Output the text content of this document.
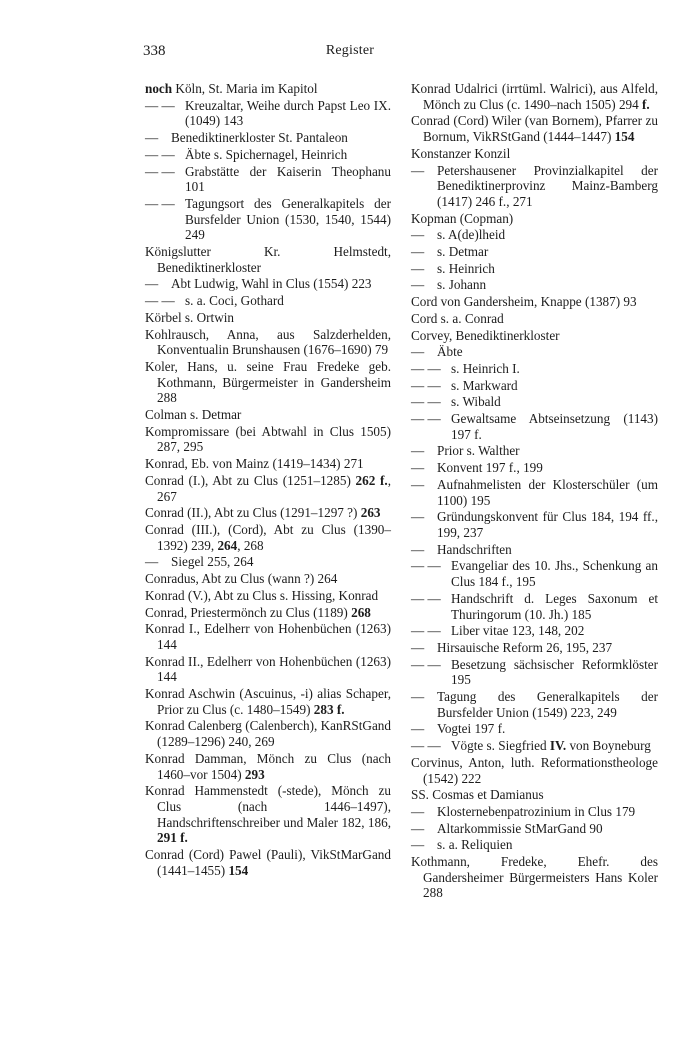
338	Register
noch Köln, St. Maria im Kapitol
— — Kreuzaltar, Weihe durch Papst Leo IX. (1049) 143
— Benediktinerkloster St. Pantaleon
— — Äbte s. Spichernagel, Heinrich
— — Grabstätte der Kaiserin Theophanu 101
— — Tagungsort des Generalkapitels der Bursfelder Union (1530, 1540, 1544) 249
Königslutter Kr. Helmstedt, Benediktinerkloster
— Abt Ludwig, Wahl in Clus (1554) 223
— — s. a. Coci, Gothard
Körbel s. Ortwin
Kohlrausch, Anna, aus Salzderhelden, Konventualin Brunshausen (1676–1690) 79
Koler, Hans, u. seine Frau Fredeke geb. Kothmann, Bürgermeister in Gandersheim 288
Colman s. Detmar
Kompromissare (bei Abtwahl in Clus 1505) 287, 295
Konrad, Eb. von Mainz (1419–1434) 271
Conrad (I.), Abt zu Clus (1251–1285) 262 f., 267
Conrad (II.), Abt zu Clus (1291–1297 ?) 263
Conrad (III.), (Cord), Abt zu Clus (1390–1392) 239, 264, 268
— Siegel 255, 264
Conradus, Abt zu Clus (wann ?) 264
Konrad (V.), Abt zu Clus s. Hissing, Konrad
Conrad, Priestermönch zu Clus (1189) 268
Konrad I., Edelherr von Hohenbüchen (1263) 144
Konrad II., Edelherr von Hohenbüchen (1263) 144
Konrad Aschwin (Ascuinus, -i) alias Schaper, Prior zu Clus (c. 1480–1549) 283 f.
Konrad Calenberg (Calenberch), KanRStGand (1289–1296) 240, 269
Konrad Damman, Mönch zu Clus (nach 1460–vor 1504) 293
Konrad Hammenstedt (-stede), Mönch zu Clus (nach 1446–1497), Handschriftenschreiber und Maler 182, 186, 291 f.
Conrad (Cord) Pawel (Pauli), VikStMarGand (1441–1455) 154
Konrad Udalrici (irrtüml. Walrici), aus Alfeld, Mönch zu Clus (c. 1490–nach 1505) 294 f.
Conrad (Cord) Wiler (van Bornem), Pfarrer zu Bornum, VikRStGand (1444–1447) 154
Konstanzer Konzil
— Petershausener Provinzialkapitel der Benediktinerprovinz Mainz-Bamberg (1417) 246 f., 271
Kopman (Copman)
— s. A(de)lheid
— s. Detmar
— s. Heinrich
— s. Johann
Cord von Gandersheim, Knappe (1387) 93
Cord s. a. Conrad
Corvey, Benediktinerkloster
— Äbte
— — s. Heinrich I.
— — s. Markward
— — s. Wibald
— — Gewaltsame Abtseinsetzung (1143) 197 f.
— Prior s. Walther
— Konvent 197 f., 199
— Aufnahmelisten der Klosterschüler (um 1100) 195
— Gründungskonvent für Clus 184, 194 ff., 199, 237
— Handschriften
— — Evangeliar des 10. Jhs., Schenkung an Clus 184 f., 195
— — Handschrift d. Leges Saxonum et Thuringorum (10. Jh.) 185
— — Liber vitae 123, 148, 202
— Hirsauische Reform 26, 195, 237
— — Besetzung sächsischer Reformklöster 195
— Tagung des Generalkapitels der Bursfelder Union (1549) 223, 249
— Vogtei 197 f.
— — Vögte s. Siegfried IV. von Boyneburg
Corvinus, Anton, luth. Reformationstheologe (1542) 222
SS. Cosmas et Damianus
— Klosternebenpatrozinium in Clus 179
— Altarkommissie StMarGand 90
— s. a. Reliquien
Kothmann, Fredeke, Ehefr. des Gandersheimer Bürgermeisters Hans Koler 288
